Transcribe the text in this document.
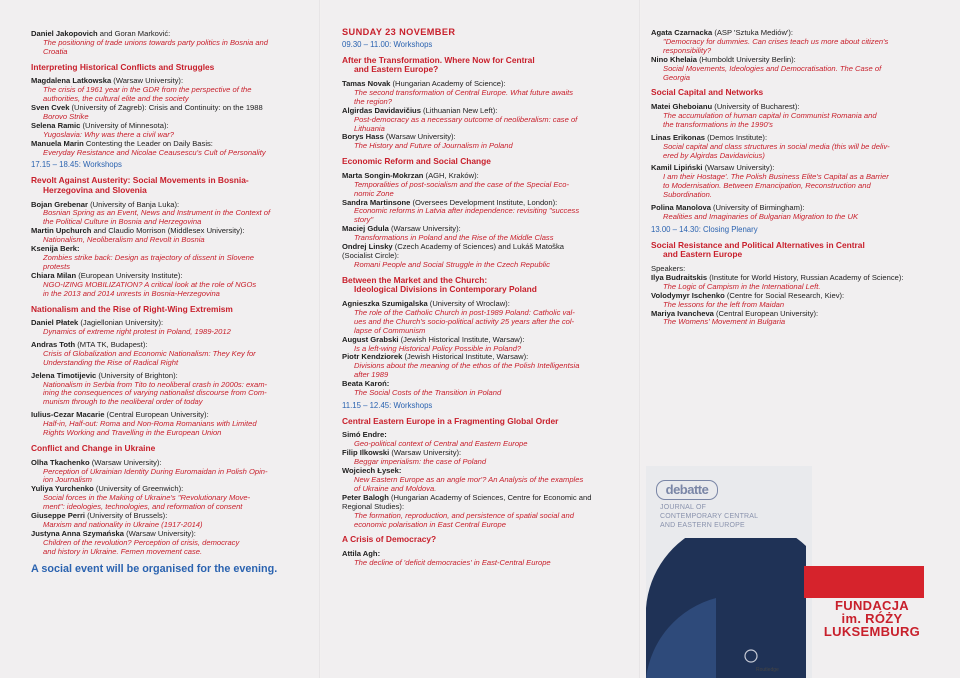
Daniel Jakopovich and Goran Marković:
The positioning of trade unions towards party politics in Bosnia and
Croatia
Interpreting Historical Conflicts and Struggles
Magdalena Latkowska (Warsaw University):
The crisis of 1961 year in the GDR from the perspective of the
authorities, the cultural elite and the society
Sven Cvek (University of Zagreb): Crisis and Continuity: on the 1988
Borovo Strike
Selena Ramic (University of Minnesota):
Yugoslavia: Why was there a civil war?
Manuela Marin Contesting the Leader on Daily Basis:
Everyday Resistance and Nicolae Ceausescu's Cult of Personality
17.15 – 18.45: Workshops
Revolt Against Austerity: Social Movements in Bosnia-
Herzegovina and Slovenia
Bojan Grebenar (University of Banja Luka):
Bosnian Spring as an Event, News and Instrument in the Context of
the Political Culture in Bosnia and Herzegovina
Martin Upchurch and Claudio Morrison (Middlesex University):
Nationalism, Neoliberalism and Revolt in Bosnia
Ksenija Berk:
Zombies strike back: Design as trajectory of dissent in Slovene
protests
Chiara Milan (European University Institute):
NGO-IZING MOBILIZATION? A critical look at the role of NGOs
in the 2013 and 2014 unrests in Bosnia-Herzegovina
Nationalism and the Rise of Right-Wing Extremism
Daniel Płatek (Jagiellonian University):
Dynamics of extreme right protest in Poland, 1989-2012
Andras Toth (MTA TK, Budapest):
Crisis of Globalization and Economic Nationalism: They Key for
Understanding the Rise of Radical Right
Jelena Timotijevic (University of Brighton):
Nationalism in Serbia from Tito to neoliberal crash in 2000s: exam-
ining the consequences of varying nationalist discourse from Com-
munism through to the neoliberal order of today
Iulius-Cezar Macarie (Central European University):
Half-in, Half-out: Roma and Non-Roma Romanians with Limited
Rights Working and Travelling in the European Union
Conflict and Change in Ukraine
Olha Tkachenko (Warsaw University):
Perception of Ukrainian Identity During Euromaidan in Polish Opin-
ion Journalism
Yuliya Yurchenko (University of Greenwich):
Social forces in the Making of Ukraine's "Revolutionary Move-
ment": ideologies, technologies, and reformation of consent
Giuseppe Perri (University of Brussels):
Marxism and nationality in Ukraine (1917-2014)
Justyna Anna Szymańska (Warsaw University):
Children of the revolution? Perception of crisis, democracy
and history in Ukraine. Femen movement case.
A social event will be organised for the evening.
SUNDAY 23 NOVEMBER
09.30 – 11.00: Workshops
After the Transformation. Where Now for Central
and Eastern Europe?
Tamas Novak (Hungarian Academy of Science):
The second transformation of Central Europe. What future awaits
the region?
Algirdas Davidavičius (Lithuanian New Left):
Post-democracy as a necessary outcome of neoliberalism: case of
Lithuania
Borys Hass (Warsaw University):
The History and Future of Journalism in Poland
Economic Reform and Social Change
Marta Songin-Mokrzan (AGH, Kraków):
Temporalities of post-socialism and the case of the Special Eco-
nomic Zone
Sandra Martinsone (Oversees Development Institute, London):
Economic reforms in Latvia after independence: revisiting "success
story"
Maciej Gdula (Warsaw University):
Transformations in Poland and the Rise of the Middle Class
Ondrej Linsky (Czech Academy of Sciences) and Lukáš Matoška
(Socialist Circle):
Romani People and Social Struggle in the Czech Republic
Between the Market and the Church:
Ideological Divisions in Contemporary Poland
Agnieszka Szumigalska (University of Wroclaw):
The role of the Catholic Church in post-1989 Poland: Catholic val-
ues and the Church's socio-political activity 25 years after the col-
lapse of Communism
August Grabski (Jewish Historical Institute, Warsaw):
Is a left-wing Historical Policy Possible in Poland?
Piotr Kendziorek (Jewish Historical Institute, Warsaw):
Divisions about the meaning of the ethos of the Polish Intelligentsia
after 1989
Beata Karoń:
The Social Costs of the Transition in Poland
11.15 – 12.45: Workshops
Central Eastern Europe in a Fragmenting Global Order
Simó Endre:
Geo-political context of Central and Eastern Europe
Filip Ilkowski (Warsaw University):
Beggar imperialism: the case of Poland
Wojciech Łysek:
New Eastern Europe as an angle mor'? An Analysis of the examples
of Ukraine and Moldova.
Peter Balogh (Hungarian Academy of Sciences, Centre for Economic and
Regional Studies):
The formation, reproduction, and persistence of spatial social and
economic polarisation in East Central Europe
A Crisis of Democracy?
Attila Agh:
The decline of 'deficit democracies' in East-Central Europe
Agata Czarnacka (ASP 'Sztuka Mediów'):
"Democracy for dummies. Can crises teach us more about citizen's
responsibility?
Nino Khelaia (Humboldt University Berlin):
Social Movements, Ideologies and Democratisation. The Case of
Georgia
Social Capital and Networks
Matei Gheboianu (University of Bucharest):
The accumulation of human capital in Communist Romania and
the transformations in the 1990's
Linas Erikonas (Demos Institute):
Social capital and class structures in social media (this will be deliv-
ered by Algirdas Davidavicius)
Kamil Lipiński (Warsaw University):
I am their Hostage'. The Polish Business Elite's Capital as a Barrier
to Modernisation. Between Emancipation, Reconstruction and
Subordination.
Polina Manolova (University of Birmingham):
Realities and Imaginaries of Bulgarian Migration to the UK
13.00 – 14.30: Closing Plenary
Social Resistance and Political Alternatives in Central
and Eastern Europe
Speakers:
Ilya Budraitskis (Institute for World History, Russian Academy of Science):
The Logic of Campism in the International Left.
Volodymyr Ischenko (Centre for Social Research, Kiev):
The lessons for the left from Maidan
Mariya Ivancheva (Central European University):
The Womens' Movement in Bulgaria
debatte
JOURNAL OF
CONTEMPORARY CENTRAL
AND EASTERN EUROPE
Routledge
FUNDACJA
im. RÓŻY
LUKSEMBURG
